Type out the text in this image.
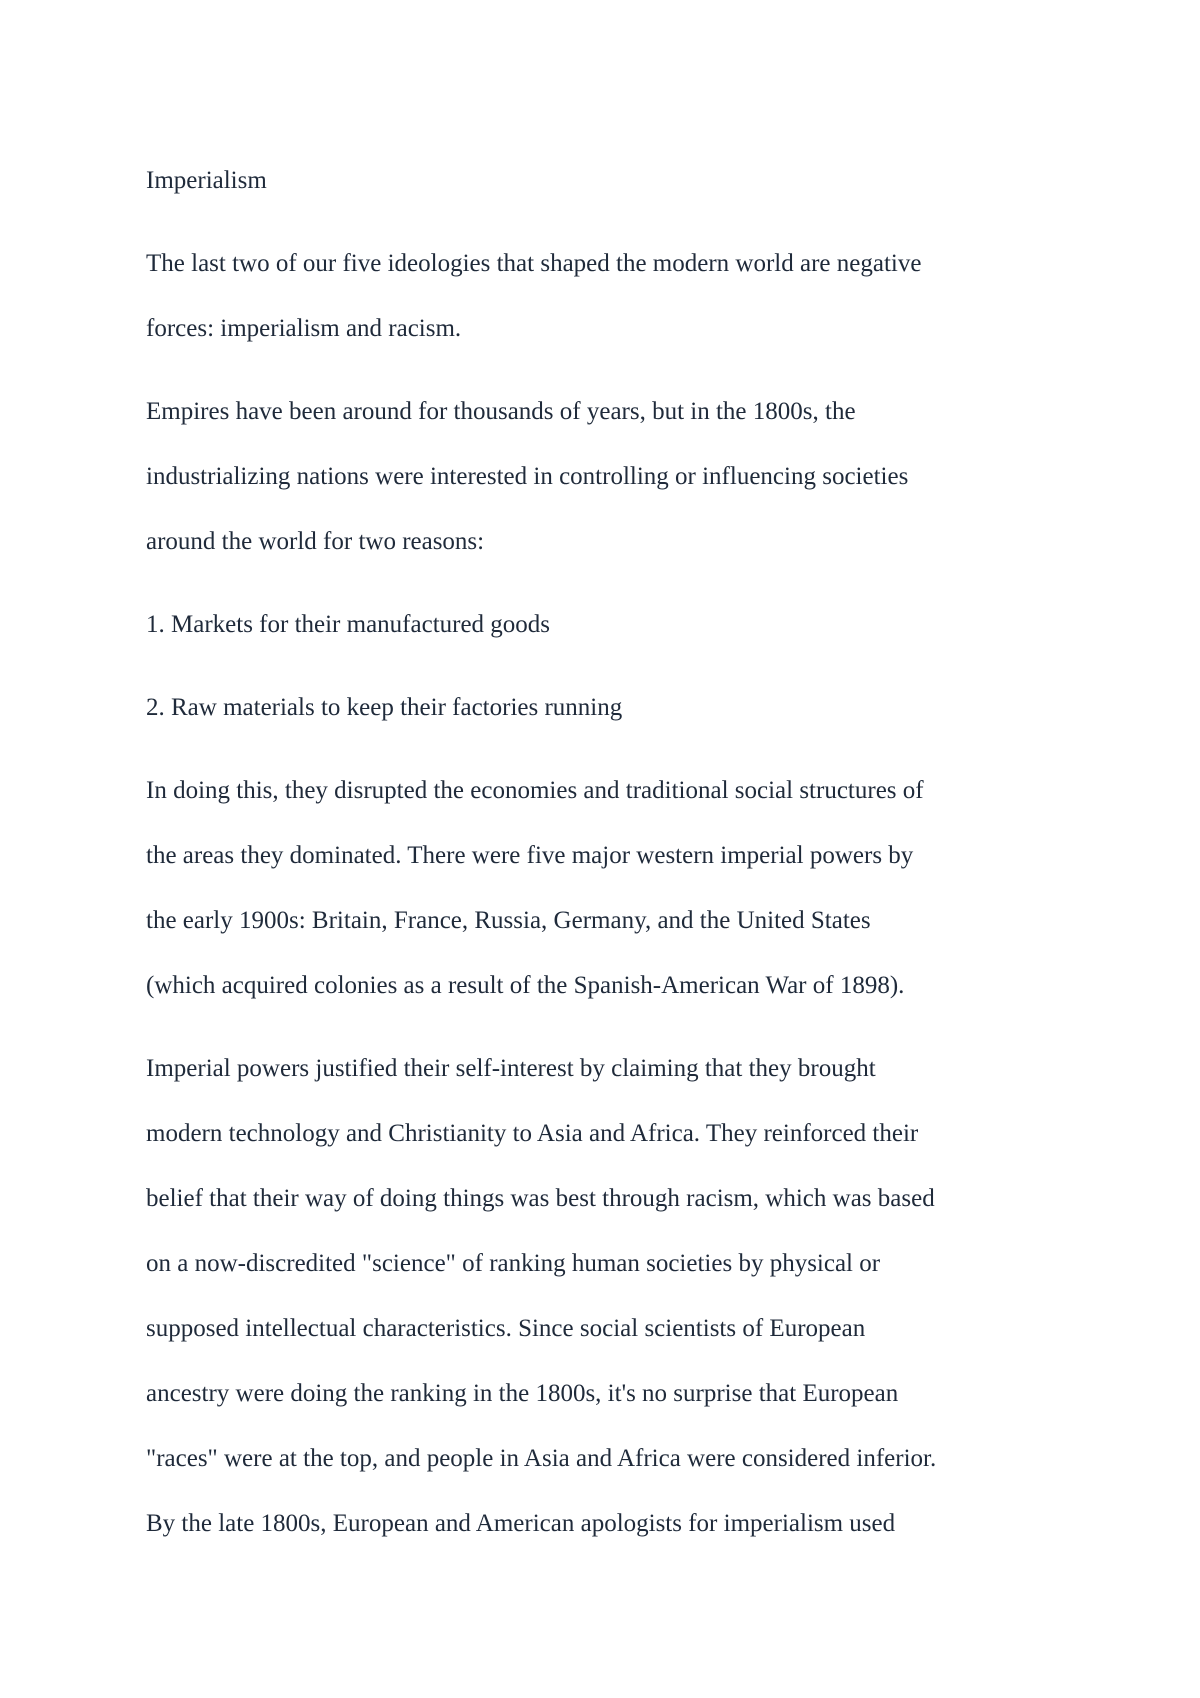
Imperialism
The last two of our five ideologies that shaped the modern world are negative
forces: imperialism and racism.
Empires have been around for thousands of years, but in the 1800s, the
industrializing nations were interested in controlling or influencing societies
around the world for two reasons:
1. Markets for their manufactured goods
2. Raw materials to keep their factories running
In doing this, they disrupted the economies and traditional social structures of
the areas they dominated. There were five major western imperial powers by
the early 1900s: Britain, France, Russia, Germany, and the United States
(which acquired colonies as a result of the Spanish-American War of 1898).
Imperial powers justified their self-interest by claiming that they brought
modern technology and Christianity to Asia and Africa. They reinforced their
belief that their way of doing things was best through racism, which was based
on a now-discredited "science" of ranking human societies by physical or
supposed intellectual characteristics. Since social scientists of European
ancestry were doing the ranking in the 1800s, it's no surprise that European
"races" were at the top, and people in Asia and Africa were considered inferior.
By the late 1800s, European and American apologists for imperialism used
